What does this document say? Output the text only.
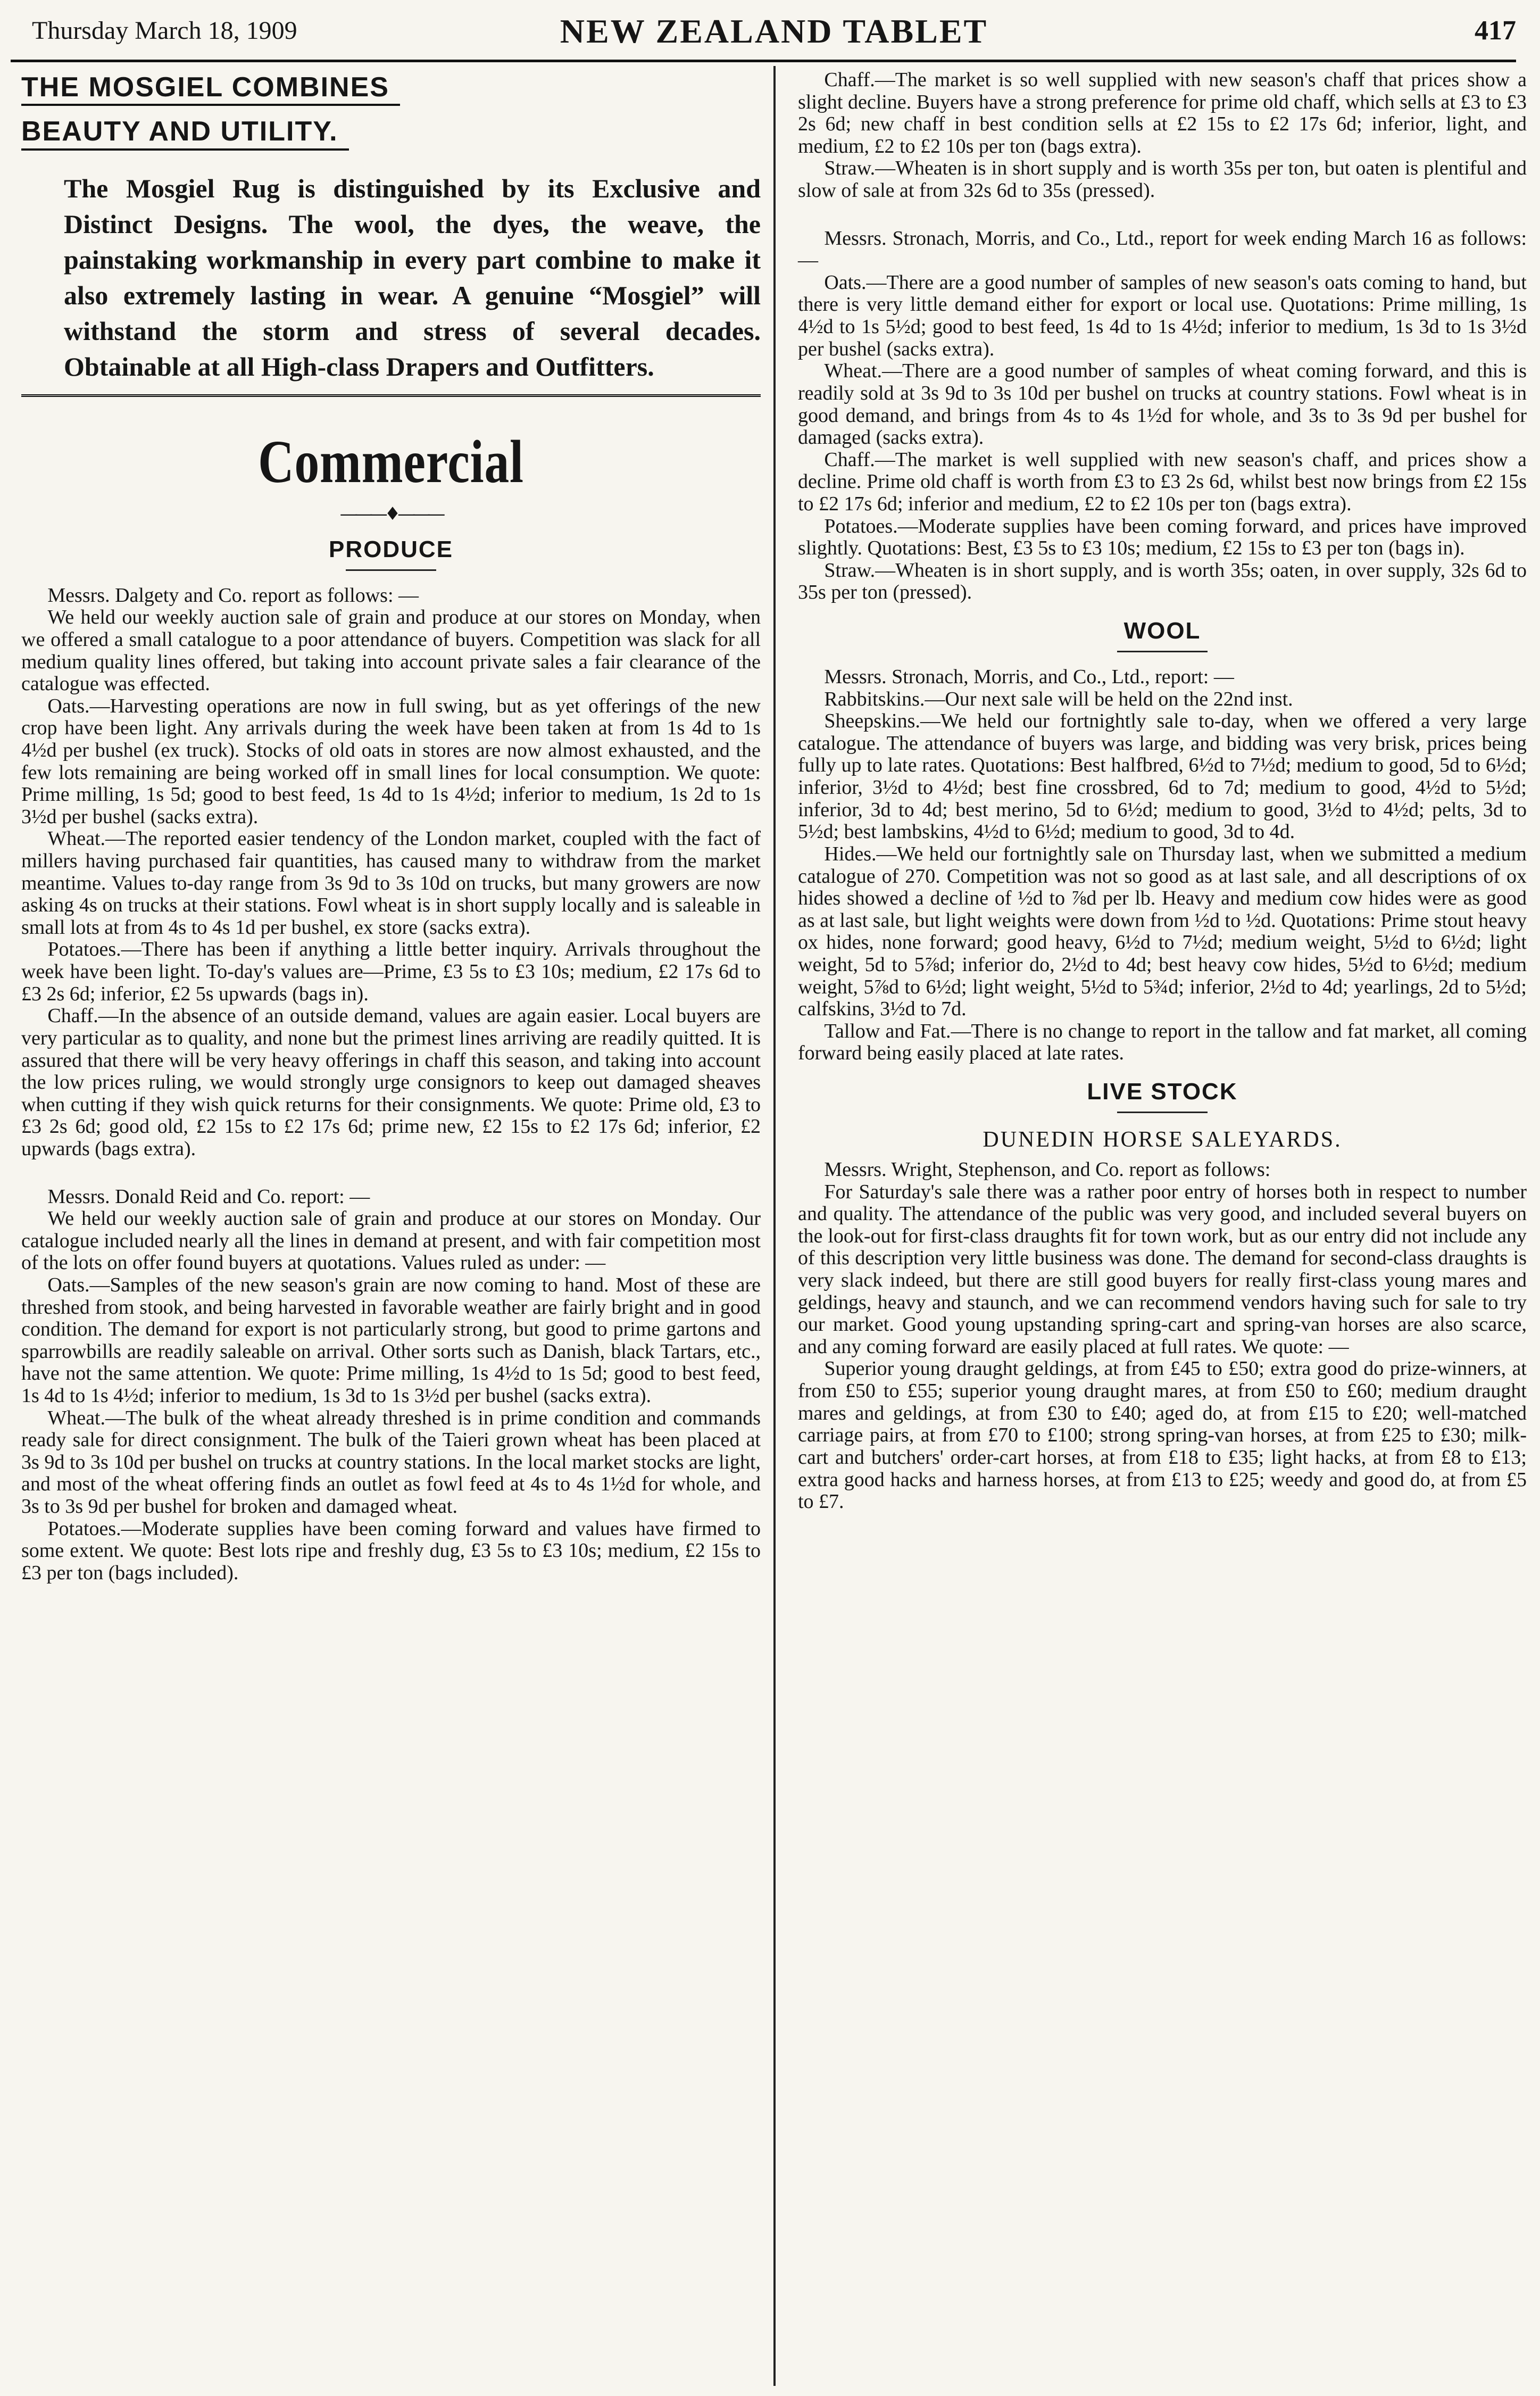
Thursday March 18, 1909	NEW ZEALAND TABLET	417
THE MOSGIEL COMBINES
BEAUTY AND UTILITY.
The Mosgiel Rug is distinguished by its Exclusive and Distinct Designs. The wool, the dyes, the weave, the painstaking workmanship in every part combine to make it also extremely lasting in wear. A genuine “Mosgiel” will withstand the storm and stress of several decades. Obtainable at all High-class Drapers and Outfitters.
Commercial
———♦———
PRODUCE

Messrs. Dalgety and Co. report as follows: —

We held our weekly auction sale of grain and produce at our stores on Monday, when we offered a small catalogue to a poor attendance of buyers. Competition was slack for all medium quality lines offered, but taking into account private sales a fair clearance of the catalogue was effected.

Oats.—Harvesting operations are now in full swing, but as yet offerings of the new crop have been light. Any arrivals during the week have been taken at from 1s 4d to 1s 4½d per bushel (ex truck). Stocks of old oats in stores are now almost exhausted, and the few lots remaining are being worked off in small lines for local consumption. We quote: Prime milling, 1s 5d; good to best feed, 1s 4d to 1s 4½d; inferior to medium, 1s 2d to 1s 3½d per bushel (sacks extra).

Wheat.—The reported easier tendency of the London market, coupled with the fact of millers having purchased fair quantities, has caused many to withdraw from the market meantime. Values to-day range from 3s 9d to 3s 10d on trucks, but many growers are now asking 4s on trucks at their stations. Fowl wheat is in short supply locally and is saleable in small lots at from 4s to 4s 1d per bushel, ex store (sacks extra).

Potatoes.—There has been if anything a little better inquiry. Arrivals throughout the week have been light. To-day's values are—Prime, £3 5s to £3 10s; medium, £2 17s 6d to £3 2s 6d; inferior, £2 5s upwards (bags in).

Chaff.—In the absence of an outside demand, values are again easier. Local buyers are very particular as to quality, and none but the primest lines arriving are readily quitted. It is assured that there will be very heavy offerings in chaff this season, and taking into account the low prices ruling, we would strongly urge consignors to keep out damaged sheaves when cutting if they wish quick returns for their consignments. We quote: Prime old, £3 to £3 2s 6d; good old, £2 15s to £2 17s 6d; prime new, £2 15s to £2 17s 6d; inferior, £2 upwards (bags extra).

Messrs. Donald Reid and Co. report: —

We held our weekly auction sale of grain and produce at our stores on Monday. Our catalogue included nearly all the lines in demand at present, and with fair competition most of the lots on offer found buyers at quotations. Values ruled as under: —

Oats.—Samples of the new season's grain are now coming to hand. Most of these are threshed from stook, and being harvested in favorable weather are fairly bright and in good condition. The demand for export is not particularly strong, but good to prime gartons and sparrowbills are readily saleable on arrival. Other sorts such as Danish, black Tartars, etc., have not the same attention. We quote: Prime milling, 1s 4½d to 1s 5d; good to best feed, 1s 4d to 1s 4½d; inferior to medium, 1s 3d to 1s 3½d per bushel (sacks extra).

Wheat.—The bulk of the wheat already threshed is in prime condition and commands ready sale for direct consignment. The bulk of the Taieri grown wheat has been placed at 3s 9d to 3s 10d per bushel on trucks at country stations. In the local market stocks are light, and most of the wheat offering finds an outlet as fowl feed at 4s to 4s 1½d for whole, and 3s to 3s 9d per bushel for broken and damaged wheat.

Potatoes.—Moderate supplies have been coming forward and values have firmed to some extent. We quote: Best lots ripe and freshly dug, £3 5s to £3 10s; medium, £2 15s to £3 per ton (bags included).

Chaff.—The market is so well supplied with new season's chaff that prices show a slight decline. Buyers have a strong preference for prime old chaff, which sells at £3 to £3 2s 6d; new chaff in best condition sells at £2 15s to £2 17s 6d; inferior, light, and medium, £2 to £2 10s per ton (bags extra).

Straw.—Wheaten is in short supply and is worth 35s per ton, but oaten is plentiful and slow of sale at from 32s 6d to 35s (pressed).

Messrs. Stronach, Morris, and Co., Ltd., report for week ending March 16 as follows: —

Oats.—There are a good number of samples of new season's oats coming to hand, but there is very little demand either for export or local use. Quotations: Prime milling, 1s 4½d to 1s 5½d; good to best feed, 1s 4d to 1s 4½d; inferior to medium, 1s 3d to 1s 3½d per bushel (sacks extra).

Wheat.—There are a good number of samples of wheat coming forward, and this is readily sold at 3s 9d to 3s 10d per bushel on trucks at country stations. Fowl wheat is in good demand, and brings from 4s to 4s 1½d for whole, and 3s to 3s 9d per bushel for damaged (sacks extra).

Chaff.—The market is well supplied with new season's chaff, and prices show a decline. Prime old chaff is worth from £3 to £3 2s 6d, whilst best now brings from £2 15s to £2 17s 6d; inferior and medium, £2 to £2 10s per ton (bags extra).

Potatoes.—Moderate supplies have been coming forward, and prices have improved slightly. Quotations: Best, £3 5s to £3 10s; medium, £2 15s to £3 per ton (bags in).

Straw.—Wheaten is in short supply, and is worth 35s; oaten, in over supply, 32s 6d to 35s per ton (pressed).

WOOL

Messrs. Stronach, Morris, and Co., Ltd., report: —

Rabbitskins.—Our next sale will be held on the 22nd inst.

Sheepskins.—We held our fortnightly sale to-day, when we offered a very large catalogue. The attendance of buyers was large, and bidding was very brisk, prices being fully up to late rates. Quotations: Best halfbred, 6½d to 7½d; medium to good, 5d to 6½d; inferior, 3½d to 4½d; best fine crossbred, 6d to 7d; medium to good, 4½d to 5½d; inferior, 3d to 4d; best merino, 5d to 6½d; medium to good, 3½d to 4½d; pelts, 3d to 5½d; best lambskins, 4½d to 6½d; medium to good, 3d to 4d.

Hides.—We held our fortnightly sale on Thursday last, when we submitted a medium catalogue of 270. Competition was not so good as at last sale, and all descriptions of ox hides showed a decline of ½d to ⅞d per lb. Heavy and medium cow hides were as good as at last sale, but light weights were down from ½d to ½d. Quotations: Prime stout heavy ox hides, none forward; good heavy, 6½d to 7½d; medium weight, 5½d to 6½d; light weight, 5d to 5⅞d; inferior do, 2½d to 4d; best heavy cow hides, 5½d to 6½d; medium weight, 5⅞d to 6½d; light weight, 5½d to 5¾d; inferior, 2½d to 4d; yearlings, 2d to 5½d; calfskins, 3½d to 7d.

Tallow and Fat.—There is no change to report in the tallow and fat market, all coming forward being easily placed at late rates.

LIVE STOCK
DUNEDIN HORSE SALEYARDS.

Messrs. Wright, Stephenson, and Co. report as follows:

For Saturday's sale there was a rather poor entry of horses both in respect to number and quality. The attendance of the public was very good, and included several buyers on the look-out for first-class draughts fit for town work, but as our entry did not include any of this description very little business was done. The demand for second-class draughts is very slack indeed, but there are still good buyers for really first-class young mares and geldings, heavy and staunch, and we can recommend vendors having such for sale to try our market. Good young upstanding spring-cart and spring-van horses are also scarce, and any coming forward are easily placed at full rates. We quote: —

Superior young draught geldings, at from £45 to £50; extra good do prize-winners, at from £50 to £55; superior young draught mares, at from £50 to £60; medium draught mares and geldings, at from £30 to £40; aged do, at from £15 to £20; well-matched carriage pairs, at from £70 to £100; strong spring-van horses, at from £25 to £30; milk-cart and butchers' order-cart horses, at from £18 to £35; light hacks, at from £8 to £13; extra good hacks and harness horses, at from £13 to £25; weedy and good do, at from £5 to £7.
